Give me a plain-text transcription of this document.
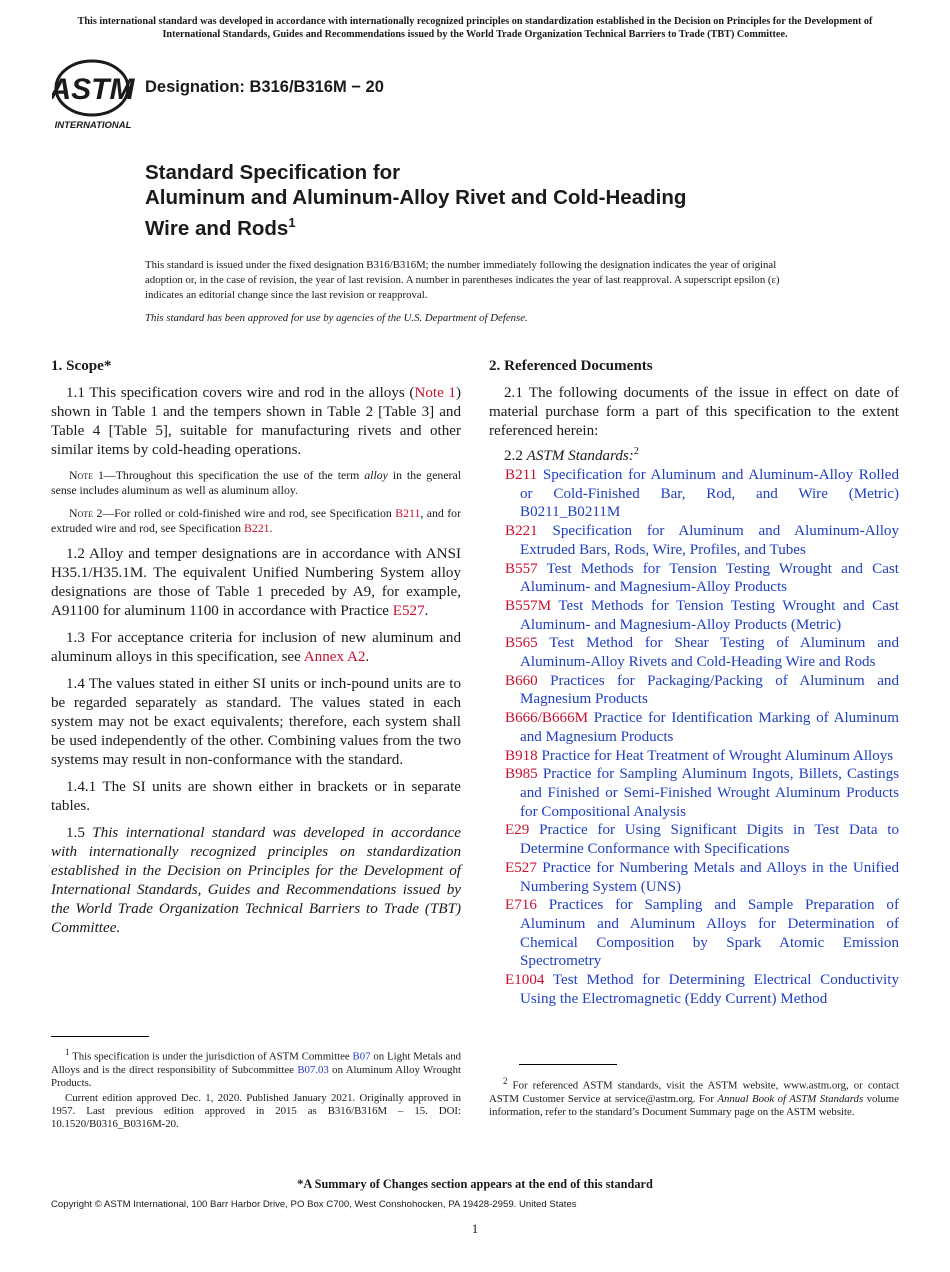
This international standard was developed in accordance with internationally recognized principles on standardization established in the Decision on Principles for the Development of International Standards, Guides and Recommendations issued by the World Trade Organization Technical Barriers to Trade (TBT) Committee.
ASTM
INTERNATIONAL
Designation: B316/B316M − 20
Standard Specification for
Aluminum and Aluminum-Alloy Rivet and Cold-Heading
Wire and Rods$^1$
This standard is issued under the fixed designation B316/B316M; the number immediately following the designation indicates the year of original adoption or, in the case of revision, the year of last revision. A number in parentheses indicates the year of last reapproval. A superscript epsilon (ε) indicates an editorial change since the last revision or reapproval.
This standard has been approved for use by agencies of the U.S. Department of Defense.
1. Scope*

1.1 This specification covers wire and rod in the alloys (Note 1) shown in Table 1 and the tempers shown in Table 2 [Table 3] and Table 4 [Table 5], suitable for manufacturing rivets and other similar items by cold-heading operations.

Note 1—Throughout this specification the use of the term alloy in the general sense includes aluminum as well as aluminum alloy.

Note 2—For rolled or cold-finished wire and rod, see Specification B211, and for extruded wire and rod, see Specification B221.

1.2 Alloy and temper designations are in accordance with ANSI H35.1/H35.1M. The equivalent Unified Numbering System alloy designations are those of Table 1 preceded by A9, for example, A91100 for aluminum 1100 in accordance with Practice E527.

1.3 For acceptance criteria for inclusion of new aluminum and aluminum alloys in this specification, see Annex A2.

1.4 The values stated in either SI units or inch-pound units are to be regarded separately as standard. The values stated in each system may not be exact equivalents; therefore, each system shall be used independently of the other. Combining values from the two systems may result in non-conformance with the standard.

1.4.1 The SI units are shown either in brackets or in separate tables.

1.5 This international standard was developed in accordance with internationally recognized principles on standardization established in the Decision on Principles for the Development of International Standards, Guides and Recommendations issued by the World Trade Organization Technical Barriers to Trade (TBT) Committee.

$^1$ This specification is under the jurisdiction of ASTM Committee B07 on Light Metals and Alloys and is the direct responsibility of Subcommittee B07.03 on Aluminum Alloy Wrought Products.

Current edition approved Dec. 1, 2020. Published January 2021. Originally approved in 1957. Last previous edition approved in 2015 as B316/B316M – 15. DOI: 10.1520/B0316_B0316M-20.

2. Referenced Documents

2.1 The following documents of the issue in effect on date of material purchase form a part of this specification to the extent referenced herein:

2.2 ASTM Standards:$^2$

B211 Specification for Aluminum and Aluminum-Alloy Rolled or Cold-Finished Bar, Rod, and Wire (Metric) B0211_B0211M
B221 Specification for Aluminum and Aluminum-Alloy Extruded Bars, Rods, Wire, Profiles, and Tubes
B557 Test Methods for Tension Testing Wrought and Cast Aluminum- and Magnesium-Alloy Products
B557M Test Methods for Tension Testing Wrought and Cast Aluminum- and Magnesium-Alloy Products (Metric)
B565 Test Method for Shear Testing of Aluminum and Aluminum-Alloy Rivets and Cold-Heading Wire and Rods
B660 Practices for Packaging/Packing of Aluminum and Magnesium Products
B666/B666M Practice for Identification Marking of Aluminum and Magnesium Products
B918 Practice for Heat Treatment of Wrought Aluminum Alloys
B985 Practice for Sampling Aluminum Ingots, Billets, Castings and Finished or Semi-Finished Wrought Aluminum Products for Compositional Analysis
E29 Practice for Using Significant Digits in Test Data to Determine Conformance with Specifications
E527 Practice for Numbering Metals and Alloys in the Unified Numbering System (UNS)
E716 Practices for Sampling and Sample Preparation of Aluminum and Aluminum Alloys for Determination of Chemical Composition by Spark Atomic Emission Spectrometry
E1004 Test Method for Determining Electrical Conductivity Using the Electromagnetic (Eddy Current) Method

$^2$ For referenced ASTM standards, visit the ASTM website, www.astm.org, or contact ASTM Customer Service at service@astm.org. For Annual Book of ASTM Standards volume information, refer to the standard’s Document Summary page on the ASTM website.

*A Summary of Changes section appears at the end of this standard
Copyright © ASTM International, 100 Barr Harbor Drive, PO Box C700, West Conshohocken, PA 19428-2959. United States
1
